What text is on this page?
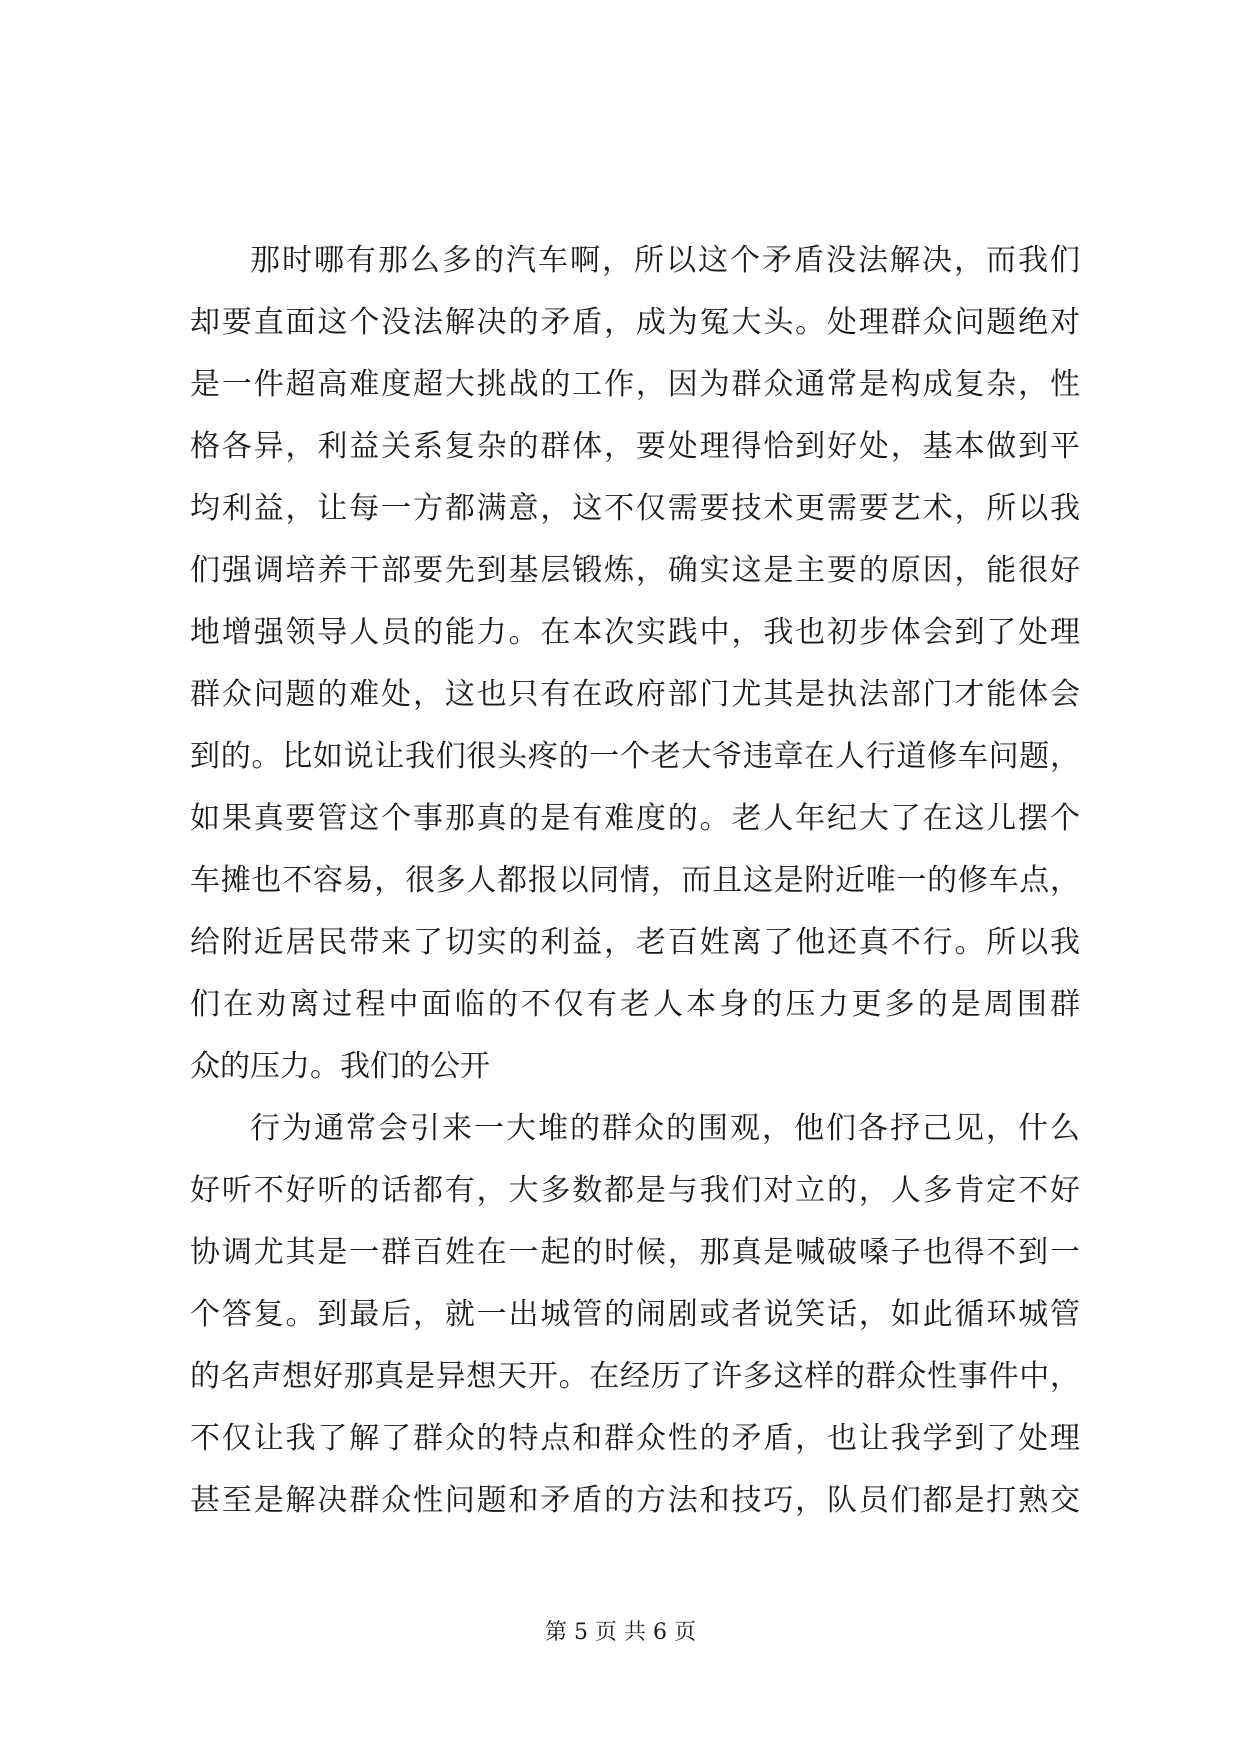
那时哪有那么多的汽车啊，所以这个矛盾没法解决，而我们
却要直面这个没法解决的矛盾，成为冤大头。处理群众问题绝对
是一件超高难度超大挑战的工作，因为群众通常是构成复杂，性
格各异，利益关系复杂的群体，要处理得恰到好处，基本做到平
均利益，让每一方都满意，这不仅需要技术更需要艺术，所以我
们强调培养干部要先到基层锻炼，确实这是主要的原因，能很好
地增强领导人员的能力。在本次实践中，我也初步体会到了处理
群众问题的难处，这也只有在政府部门尤其是执法部门才能体会
到的。比如说让我们很头疼的一个老大爷违章在人行道修车问题，
如果真要管这个事那真的是有难度的。老人年纪大了在这儿摆个
车摊也不容易，很多人都报以同情，而且这是附近唯一的修车点，
给附近居民带来了切实的利益，老百姓离了他还真不行。所以我
们在劝离过程中面临的不仅有老人本身的压力更多的是周围群
众的压力。我们的公开
行为通常会引来一大堆的群众的围观，他们各抒己见，什么
好听不好听的话都有，大多数都是与我们对立的，人多肯定不好
协调尤其是一群百姓在一起的时候，那真是喊破嗓子也得不到一
个答复。到最后，就一出城管的闹剧或者说笑话，如此循环城管
的名声想好那真是异想天开。在经历了许多这样的群众性事件中，
不仅让我了解了群众的特点和群众性的矛盾，也让我学到了处理
甚至是解决群众性问题和矛盾的方法和技巧，队员们都是打熟交
第 5 页 共 6 页
